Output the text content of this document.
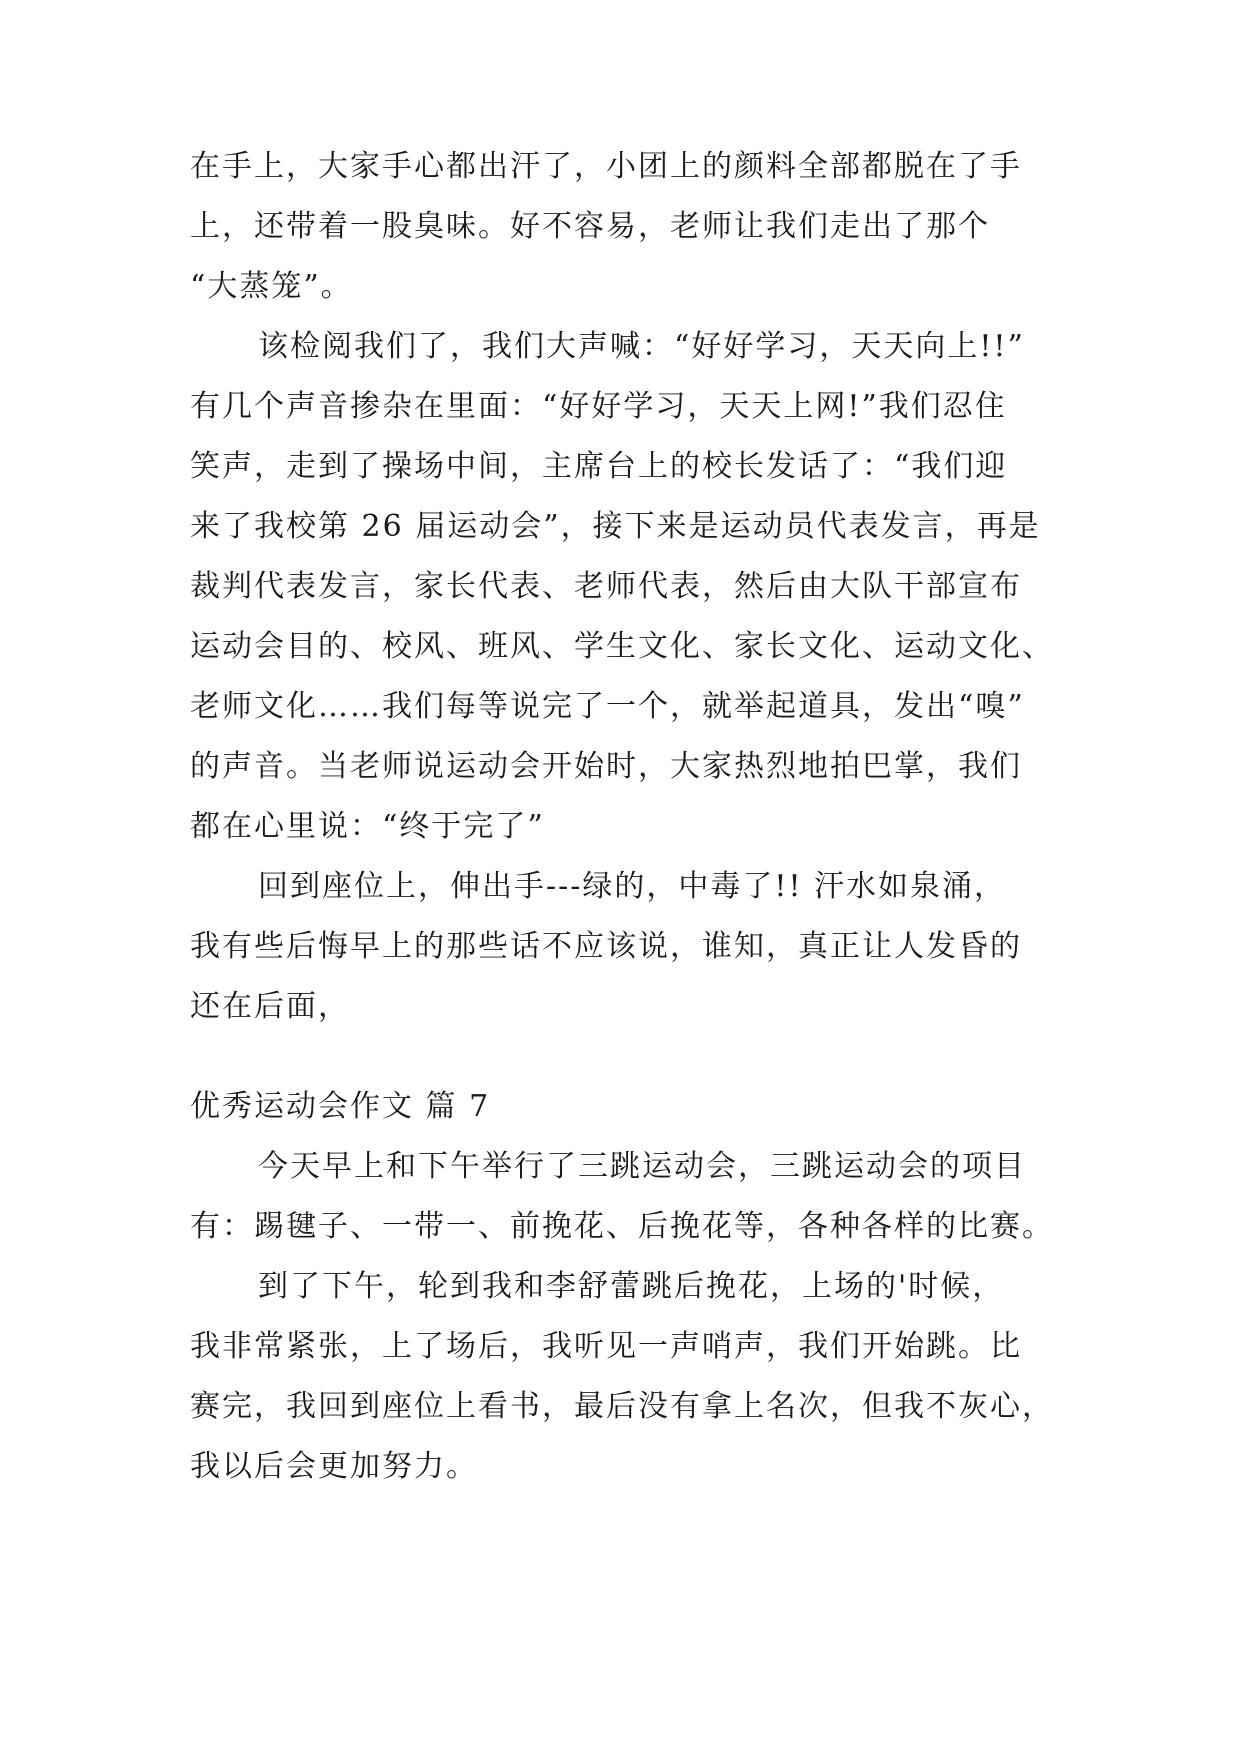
在手上，大家手心都出汗了，小团上的颜料全部都脱在了手
上，还带着一股臭味。好不容易，老师让我们走出了那个
“大蒸笼”。
该检阅我们了，我们大声喊：“好好学习，天天向上!!”
有几个声音掺杂在里面：“好好学习，天天上网!”我们忍住
笑声，走到了操场中间，主席台上的校长发话了：“我们迎
来了我校第 26 届运动会”，接下来是运动员代表发言，再是
裁判代表发言，家长代表、老师代表，然后由大队干部宣布
运动会目的、校风、班风、学生文化、家长文化、运动文化、
老师文化……我们每等说完了一个，就举起道具，发出“嗅”
的声音。当老师说运动会开始时，大家热烈地拍巴掌，我们
都在心里说：“终于完了”
回到座位上，伸出手---绿的，中毒了!! 汗水如泉涌，
我有些后悔早上的那些话不应该说，谁知，真正让人发昏的
还在后面，
优秀运动会作文 篇 7
今天早上和下午举行了三跳运动会，三跳运动会的项目
有：踢毽子、一带一、前挽花、后挽花等，各种各样的比赛。
到了下午，轮到我和李舒蕾跳后挽花，上场的'时候，
我非常紧张，上了场后，我听见一声哨声，我们开始跳。比
赛完，我回到座位上看书，最后没有拿上名次，但我不灰心，
我以后会更加努力。
